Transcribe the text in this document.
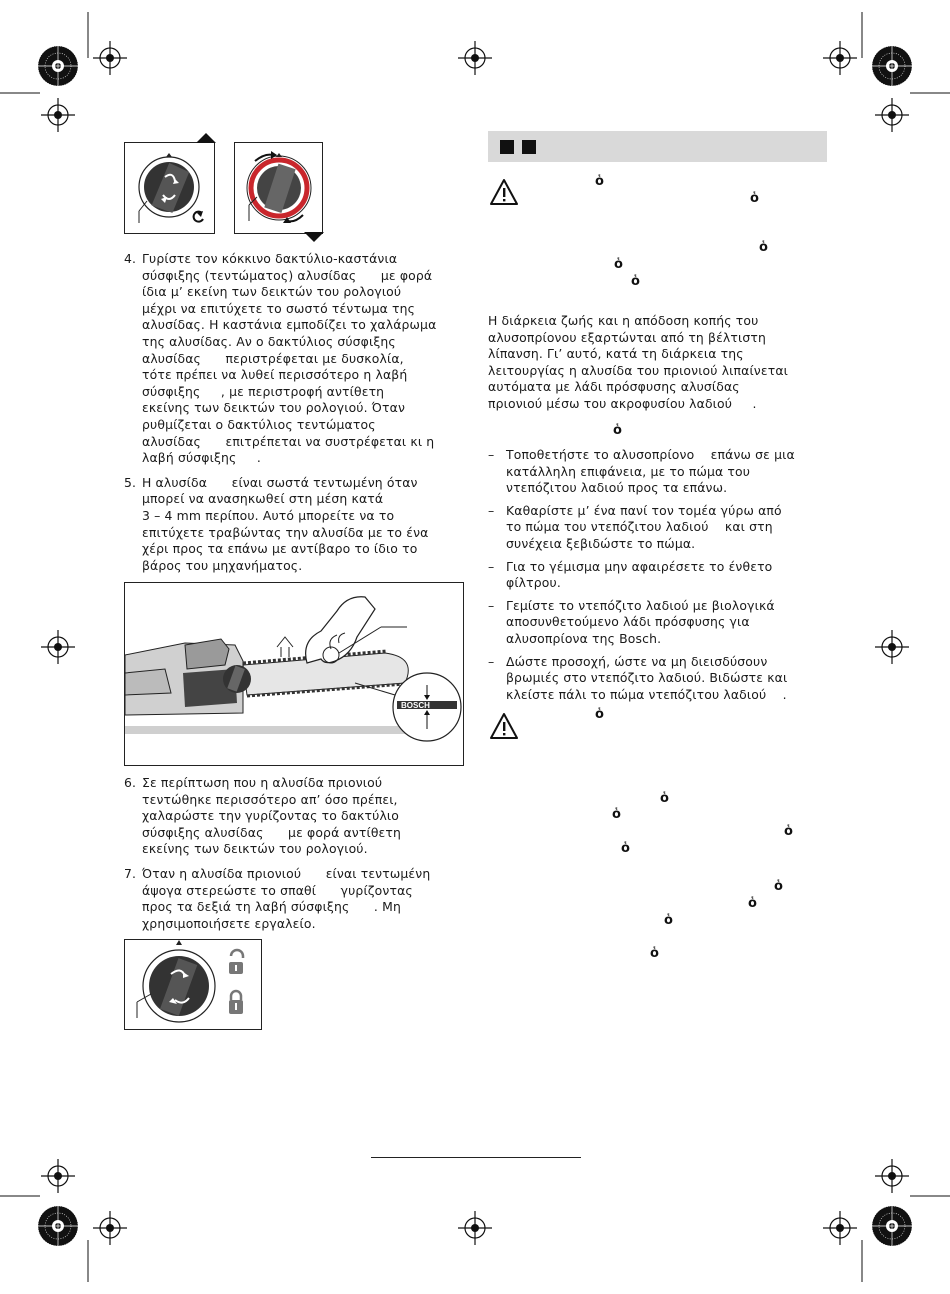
4. Γυρίστε τον κόκκινο δακτύλιο-καστάνια
σύσφιξης (τεντώματος) αλυσίδας      με φορά
ίδια μ’ εκείνη των δεικτών του ρολογιού
μέχρι να επιτύχετε το σωστό τέντωμα της
αλυσίδας. Η καστάνια εμποδίζει το χαλάρωμα
της αλυσίδας. Αν ο δακτύλιος σύσφιξης
αλυσίδας      περιστρέφεται με δυσκολία,
τότε πρέπει να λυθεί περισσότερο η λαβή
σύσφιξης     , με περιστροφή αντίθετη
εκείνης των δεικτών του ρολογιού. Όταν
ρυθμίζεται ο δακτύλιος τεντώματος
αλυσίδας      επιτρέπεται να συστρέφεται κι η
λαβή σύσφιξης     .
5. Η αλυσίδα      είναι σωστά τεντωμένη όταν
μπορεί να ανασηκωθεί στη μέση κατά
3 – 4 mm περίπου. Αυτό μπορείτε να το
επιτύχετε τραβώντας την αλυσίδα με το ένα
χέρι προς τα επάνω με αντίβαρο το ίδιο το
βάρος του μηχανήματος.
BOSCH
6. Σε περίπτωση που η αλυσίδα πριονιού
τεντώθηκε περισσότερο απ’ όσο πρέπει,
χαλαρώστε την γυρίζοντας το δακτύλιο
σύσφιξης αλυσίδας      με φορά αντίθετη
εκείνης των δεικτών του ρολογιού.
7. Όταν η αλυσίδα πριονιού      είναι τεντωμένη
άψογα στερεώστε το σπαθί      γυρίζοντας
προς τα δεξιά τη λαβή σύσφιξης      . Μη
χρησιμοποιήσετε εργαλείο.
ὁ
ὁ
ὁ
ὁ
ὁ
ὁ
ὁ
ὁ
ὁ
ὁ
ὁ
ὁ
ὁ
ὁ
ὁ
Η διάρκεια ζωής και η απόδοση κοπής του
αλυσοπρίονου εξαρτώνται από τη βέλτιστη
λίπανση. Γι’ αυτό, κατά τη διάρκεια της
λειτουργίας η αλυσίδα του πριονιού λιπαίνεται
αυτόματα με λάδι πρόσφυσης αλυσίδας
πριονιού μέσω του ακροφυσίου λαδιού     .
– Τοποθετήστε το αλυσοπρίονο    επάνω σε μια
κατάλληλη επιφάνεια, με το πώμα του
ντεπόζιτου λαδιού προς τα επάνω.
– Καθαρίστε μ’ ένα πανί τον τομέα γύρω από
το πώμα του ντεπόζιτου λαδιού    και στη
συνέχεια ξεβιδώστε το πώμα.
– Για το γέμισμα μην αφαιρέσετε το ένθετο
φίλτρου.
– Γεμίστε το ντεπόζιτο λαδιού με βιολογικά
αποσυνθετούμενο λάδι πρόσφυσης για
αλυσοπρίονα της Bosch.
– Δώστε προσοχή, ώστε να μη διεισδύσουν
βρωμιές στο ντεπόζιτο λαδιού. Βιδώστε και
κλείστε πάλι το πώμα ντεπόζιτου λαδιού    .
